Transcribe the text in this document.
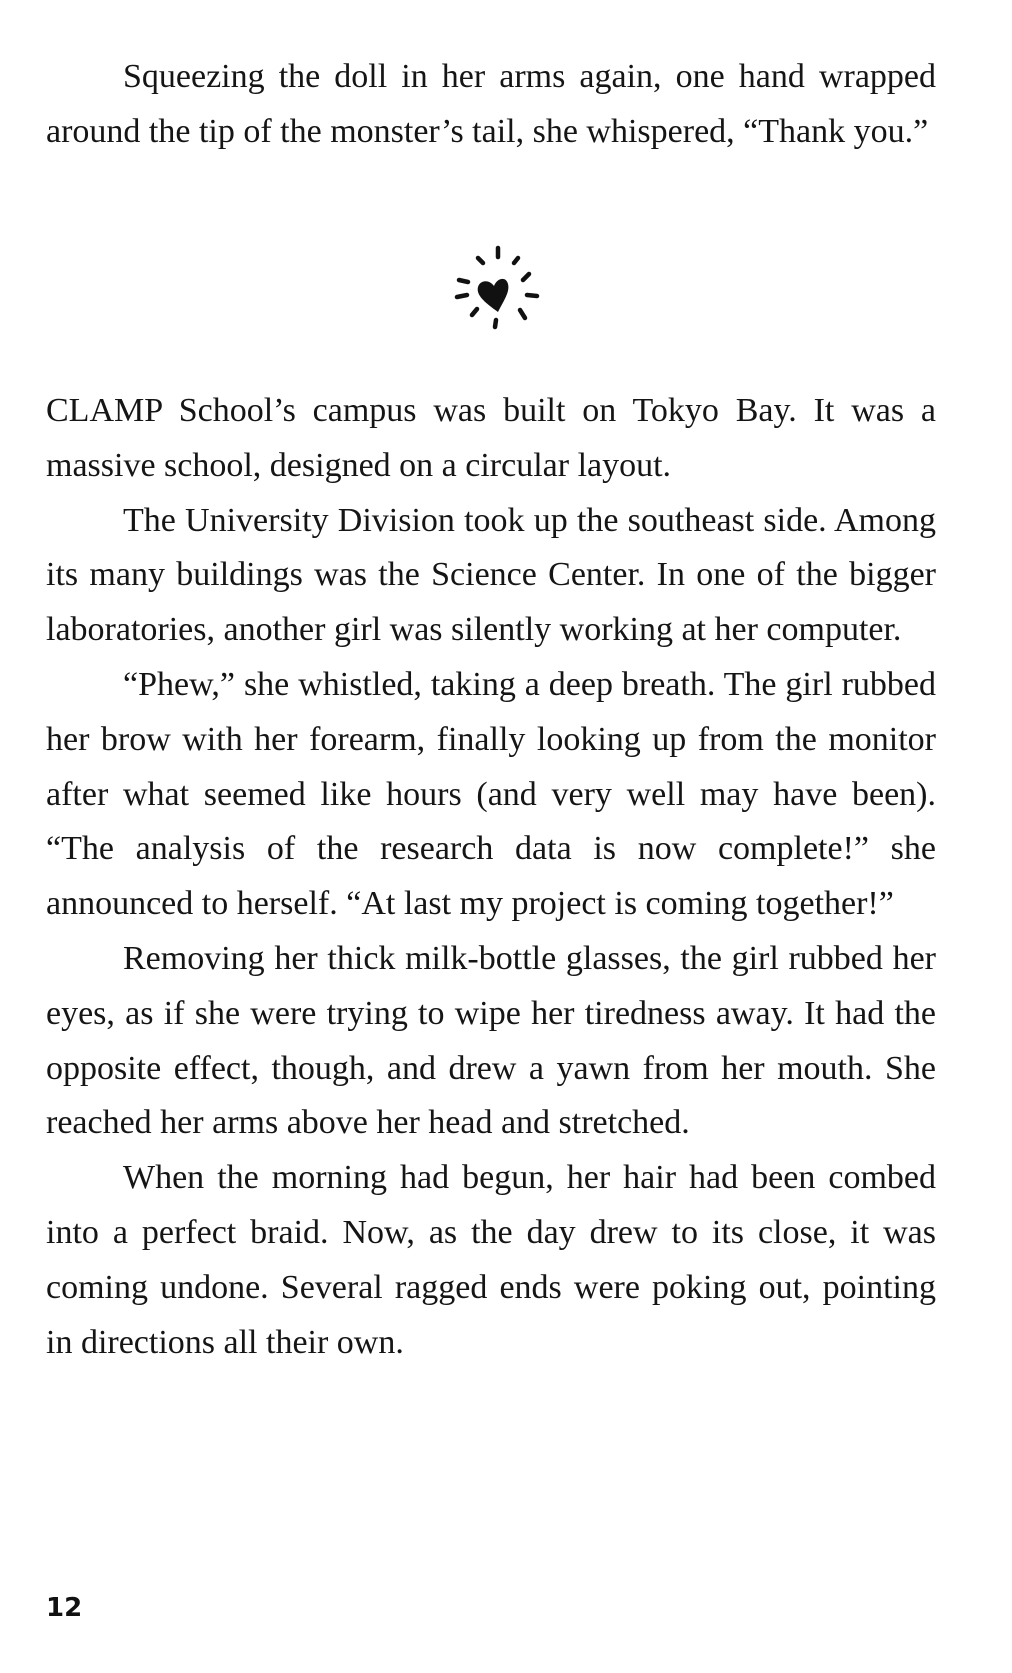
Squeezing the doll in her arms again, one hand wrapped around the tip of the monster’s tail, she whispered, “Thank you.”

CLAMP School’s campus was built on Tokyo Bay. It was a massive school, designed on a circular layout.

The University Division took up the southeast side. Among its many buildings was the Science Center. In one of the bigger laboratories, another girl was silently working at her computer.

“Phew,” she whistled, taking a deep breath. The girl rubbed her brow with her forearm, finally looking up from the monitor after what seemed like hours (and very well may have been). “The analysis of the research data is now complete!” she announced to herself. “At last my project is coming together!”

Removing her thick milk-bottle glasses, the girl rubbed her eyes, as if she were trying to wipe her tiredness away. It had the opposite effect, though, and drew a yawn from her mouth. She reached her arms above her head and stretched.

When the morning had begun, her hair had been combed into a perfect braid. Now, as the day drew to its close, it was coming undone. Several ragged ends were poking out, pointing in directions all their own.

12
